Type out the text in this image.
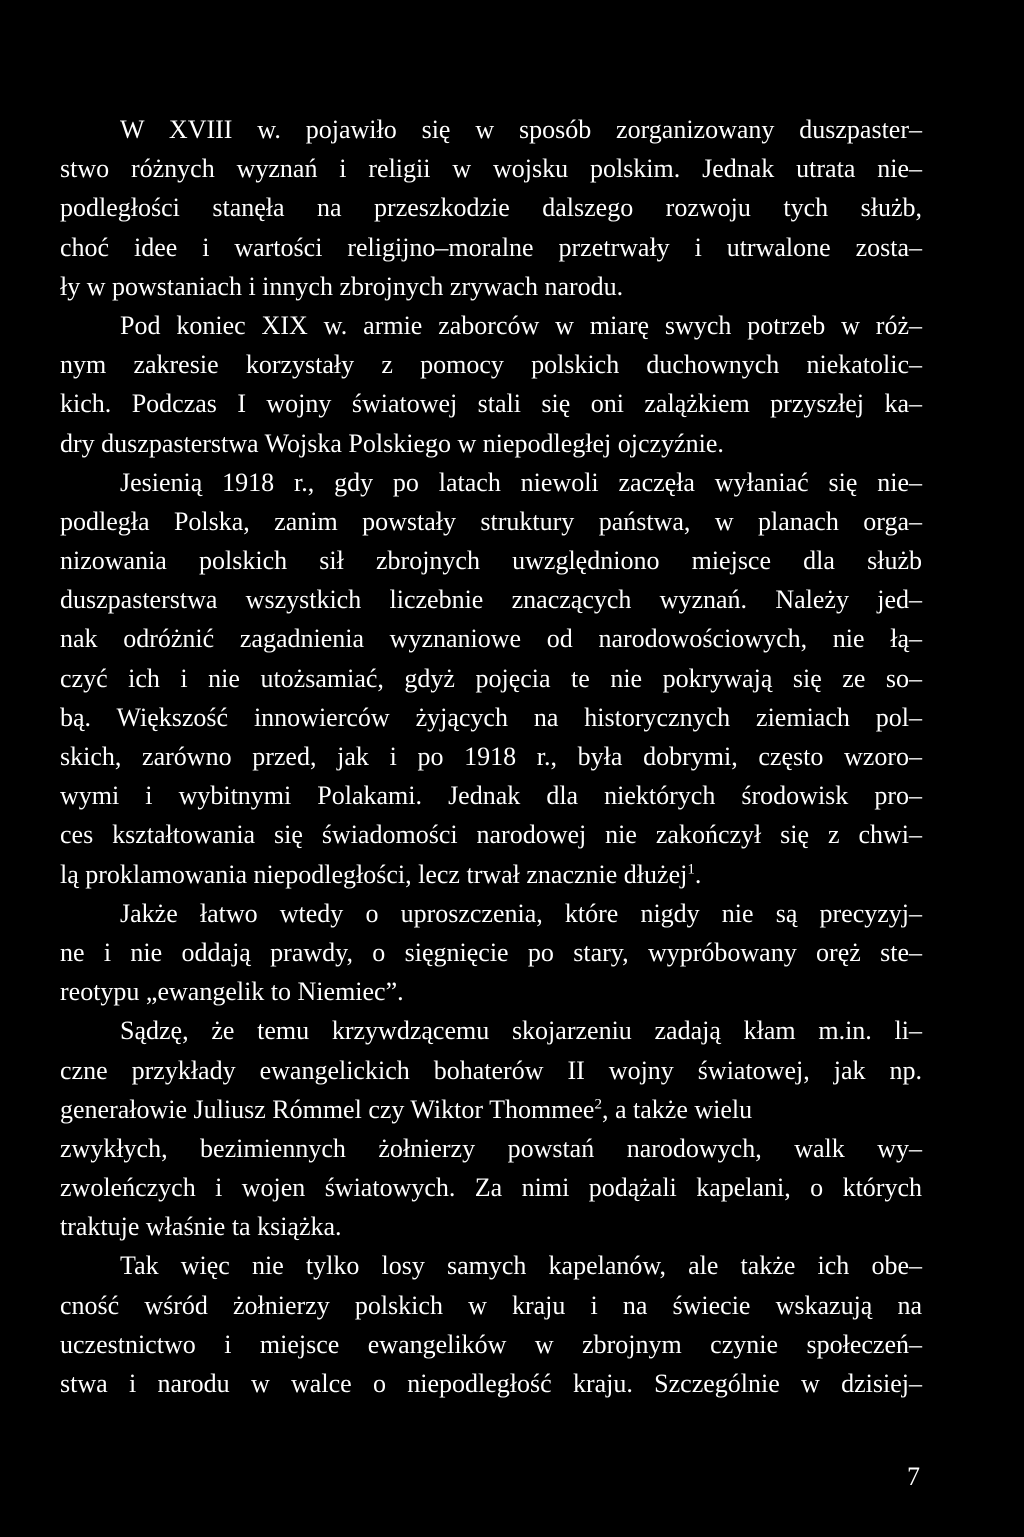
W XVIII w. pojawiło się w sposób zorganizowany duszpaster–
stwo różnych wyznań i religii w wojsku polskim. Jednak utrata nie–
podległości stanęła na przeszkodzie dalszego rozwoju tych służb,
choć idee i wartości religijno–moralne przetrwały i utrwalone zosta–
ły w powstaniach i innych zbrojnych zrywach narodu.
Pod koniec XIX w. armie zaborców w miarę swych potrzeb w róż–
nym zakresie korzystały z pomocy polskich duchownych niekatolic–
kich. Podczas I wojny światowej stali się oni zalążkiem przyszłej ka–
dry duszpasterstwa Wojska Polskiego w niepodległej ojczyźnie.
Jesienią 1918 r., gdy po latach niewoli zaczęła wyłaniać się nie–
podległa Polska, zanim powstały struktury państwa, w planach orga–
nizowania polskich sił zbrojnych uwzględniono miejsce dla służb
duszpasterstwa wszystkich liczebnie znaczących wyznań. Należy jed–
nak odróżnić zagadnienia wyznaniowe od narodowościowych, nie łą–
czyć ich i nie utożsamiać, gdyż pojęcia te nie pokrywają się ze so–
bą. Większość innowierców żyjących na historycznych ziemiach pol–
skich, zarówno przed, jak i po 1918 r., była dobrymi, często wzoro–
wymi i wybitnymi Polakami. Jednak dla niektórych środowisk pro–
ces kształtowania się świadomości narodowej nie zakończył się z chwi–
lą proklamowania niepodległości, lecz trwał znacznie dłużej$^1$.
Jakże łatwo wtedy o uproszczenia, które nigdy nie są precyzyj–
ne i nie oddają prawdy, o sięgnięcie po stary, wypróbowany oręż ste–
reotypu „ewangelik to Niemiec”.
Sądzę, że temu krzywdzącemu skojarzeniu zadają kłam m.in. li–
czne przykłady ewangelickich bohaterów II wojny światowej, jak np.
generałowie Juliusz Rómmel czy Wiktor Thommee$^2$, a także wielu
zwykłych, bezimiennych żołnierzy powstań narodowych, walk wy–
zwoleńczych i wojen światowych. Za nimi podążali kapelani, o których
traktuje właśnie ta książka.
Tak więc nie tylko losy samych kapelanów, ale także ich obe–
cność wśród żołnierzy polskich w kraju i na świecie wskazują na
uczestnictwo i miejsce ewangelików w zbrojnym czynie społeczeń–
stwa i narodu w walce o niepodległość kraju. Szczególnie w dzisiej–
7
